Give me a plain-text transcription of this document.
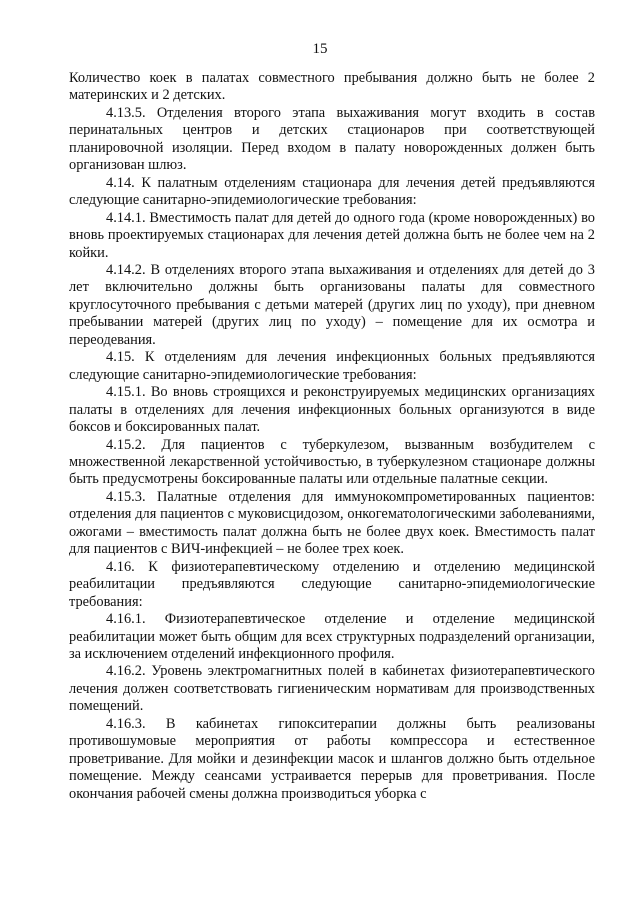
15

Количество коек в палатах совместного пребывания должно быть не более 2 материнских и 2 детских.

4.13.5. Отделения второго этапа выхаживания могут входить в состав перинатальных центров и детских стационаров при соответствующей планировочной изоляции. Перед входом в палату новорожденных должен быть организован шлюз.

4.14. К палатным отделениям стационара для лечения детей предъявляются следующие санитарно-эпидемиологические требования:

4.14.1. Вместимость палат для детей до одного года (кроме новорожденных) во вновь проектируемых стационарах для лечения детей должна быть не более чем на 2 койки.

4.14.2. В отделениях второго этапа выхаживания и отделениях для детей до 3 лет включительно должны быть организованы палаты для совместного круглосуточного пребывания с детьми матерей (других лиц по уходу), при дневном пребывании матерей (других лиц по уходу) – помещение для их осмотра и переодевания.

4.15. К отделениям для лечения инфекционных больных предъявляются следующие санитарно-эпидемиологические требования:

4.15.1. Во вновь строящихся и реконструируемых медицинских организациях палаты в отделениях для лечения инфекционных больных организуются в виде боксов и боксированных палат.

4.15.2. Для пациентов с туберкулезом, вызванным возбудителем с множественной лекарственной устойчивостью, в туберкулезном стационаре должны быть предусмотрены боксированные палаты или отдельные палатные секции.

4.15.3. Палатные отделения для иммунокомпрометированных пациентов: отделения для пациентов с муковисцидозом, онкогематологическими заболеваниями, ожогами – вместимость палат должна быть не более двух коек. Вместимость палат для пациентов с ВИЧ-инфекцией – не более трех коек.

4.16. К физиотерапевтическому отделению и отделению медицинской реабилитации предъявляются следующие санитарно-эпидемиологические требования:

4.16.1. Физиотерапевтическое отделение и отделение медицинской реабилитации может быть общим для всех структурных подразделений организации, за исключением отделений инфекционного профиля.

4.16.2. Уровень электромагнитных полей в кабинетах физиотерапевтического лечения должен соответствовать гигиеническим нормативам для производственных помещений.

4.16.3. В кабинетах гипокситерапии должны быть реализованы противошумовые мероприятия от работы компрессора и естественное проветривание. Для мойки и дезинфекции масок и шлангов должно быть отдельное помещение. Между сеансами устраивается перерыв для проветривания. После окончания рабочей смены должна производиться уборка с
